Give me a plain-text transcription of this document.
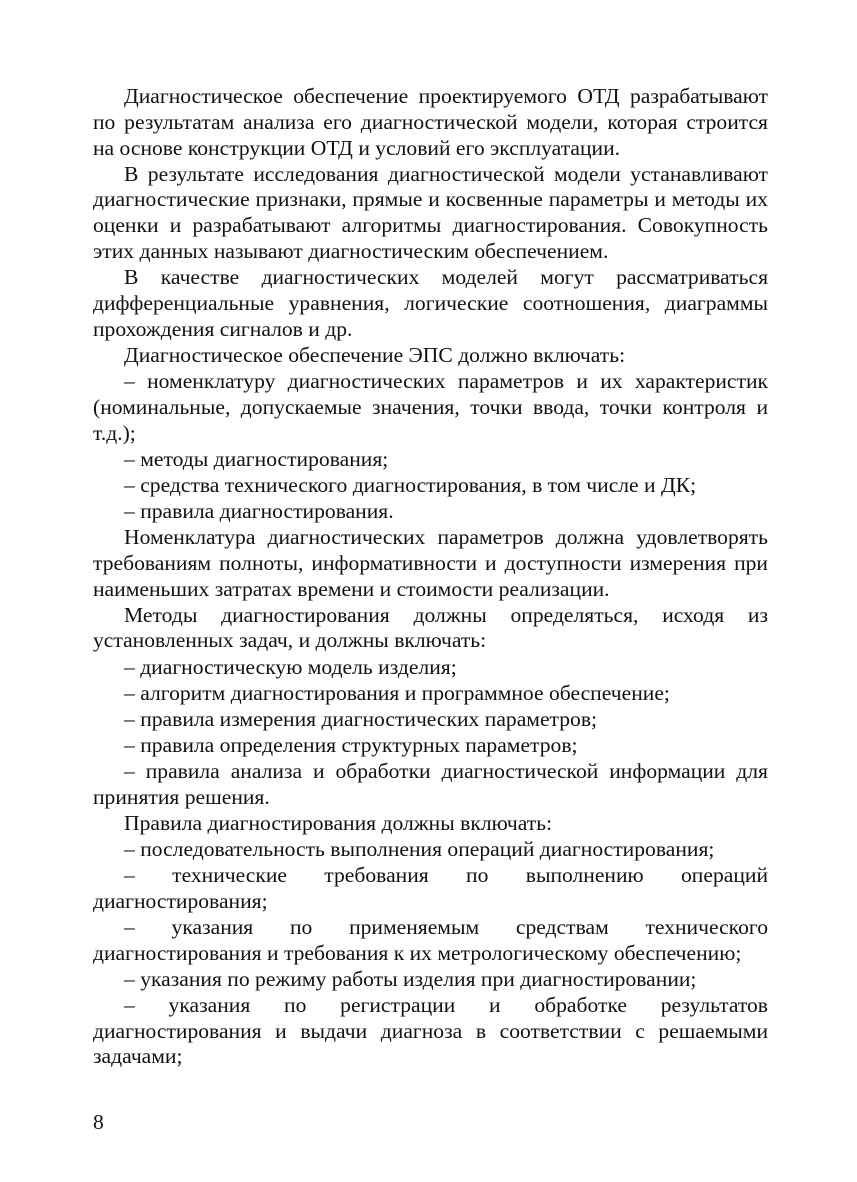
Диагностическое обеспечение проектируемого ОТД разрабатывают по результатам анализа его диагностической модели, которая строится на основе конструкции ОТД и условий его эксплуатации.

В результате исследования диагностической модели устанавливают диагностические признаки, прямые и косвенные параметры и методы их оценки и разрабатывают алгоритмы диагностирования. Совокупность этих данных называют диагностическим обеспечением.

В качестве диагностических моделей могут рассматриваться дифференциальные уравнения, логические соотношения, диаграммы прохождения сигналов и др.

Диагностическое обеспечение ЭПС должно включать:

– номенклатуру диагностических параметров и их характеристик (номинальные, допускаемые значения, точки ввода, точки контроля и т.д.);

– методы диагностирования;

– средства технического диагностирования, в том числе и ДК;

– правила диагностирования.

Номенклатура диагностических параметров должна удовлетворять требованиям полноты, информативности и доступности измерения при наименьших затратах времени и стоимости реализации.

Методы диагностирования должны определяться, исходя из установленных задач, и должны включать:

– диагностическую модель изделия;

– алгоритм диагностирования и программное обеспечение;

– правила измерения диагностических параметров;

– правила определения структурных параметров;

– правила анализа и обработки диагностической информации для принятия решения.

Правила диагностирования должны включать:

– последовательность выполнения операций диагностирования;

– технические требования по выполнению операций диагностирования;

– указания по применяемым средствам технического диагностирования и требования к их метрологическому обеспечению;

– указания по режиму работы изделия при диагностировании;

– указания по регистрации и обработке результатов диагностирования и выдачи диагноза в соответствии с решаемыми задачами;

8
